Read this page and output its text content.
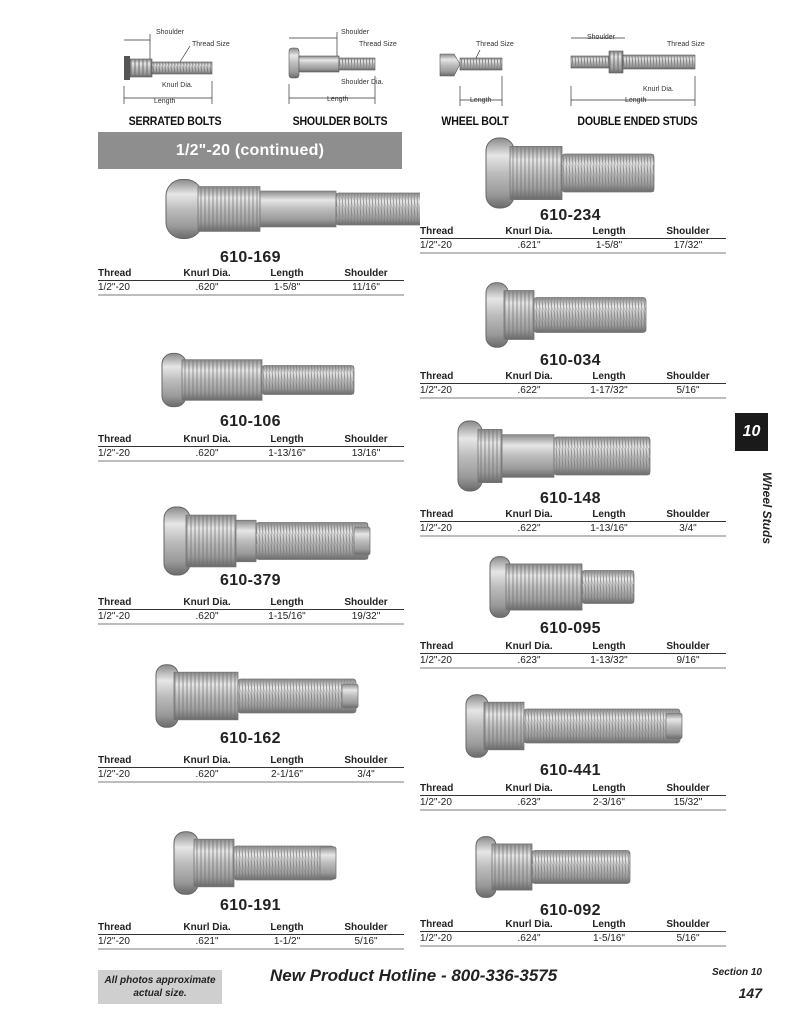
Shoulder
Thread Size
Knurl Dia.
Length
SERRATED BOLTS
Shoulder
Thread Size
Shoulder Dia.
Length
SHOULDER BOLTS
Thread Size
Length
WHEEL BOLT
Shoulder
Thread Size
Knurl Dia.
Length
DOUBLE ENDED STUDS
1/2"-20 (continued)
610-169
Thread	Knurl Dia.	Length	Shoulder
1/2"-20	.620"	1-5/8"	11/16"
610-106
Thread	Knurl Dia.	Length	Shoulder
1/2"-20	.620"	1-13/16"	13/16"
610-379
Thread	Knurl Dia.	Length	Shoulder
1/2"-20	.620"	1-15/16"	19/32"
610-162
Thread	Knurl Dia.	Length	Shoulder
1/2"-20	.620"	2-1/16"	3/4"
610-191
Thread	Knurl Dia.	Length	Shoulder
1/2"-20	.621"	1-1/2"	5/16"
610-234
Thread	Knurl Dia.	Length	Shoulder
1/2"-20	.621"	1-5/8"	17/32"
610-034
Thread	Knurl Dia.	Length	Shoulder
1/2"-20	.622"	1-17/32"	5/16"
610-148
Thread	Knurl Dia.	Length	Shoulder
1/2"-20	.622"	1-13/16"	3/4"
610-095
Thread	Knurl Dia.	Length	Shoulder
1/2"-20	.623"	1-13/32"	9/16"
610-441
Thread	Knurl Dia.	Length	Shoulder
1/2"-20	.623"	2-3/16"	15/32"
610-092
Thread	Knurl Dia.	Length	Shoulder
1/2"-20	.624"	1-5/16"	5/16"
10
Wheel Studs
All photos approximate
actual size.
New Product Hotline - 800-336-3575	Section 10
147
